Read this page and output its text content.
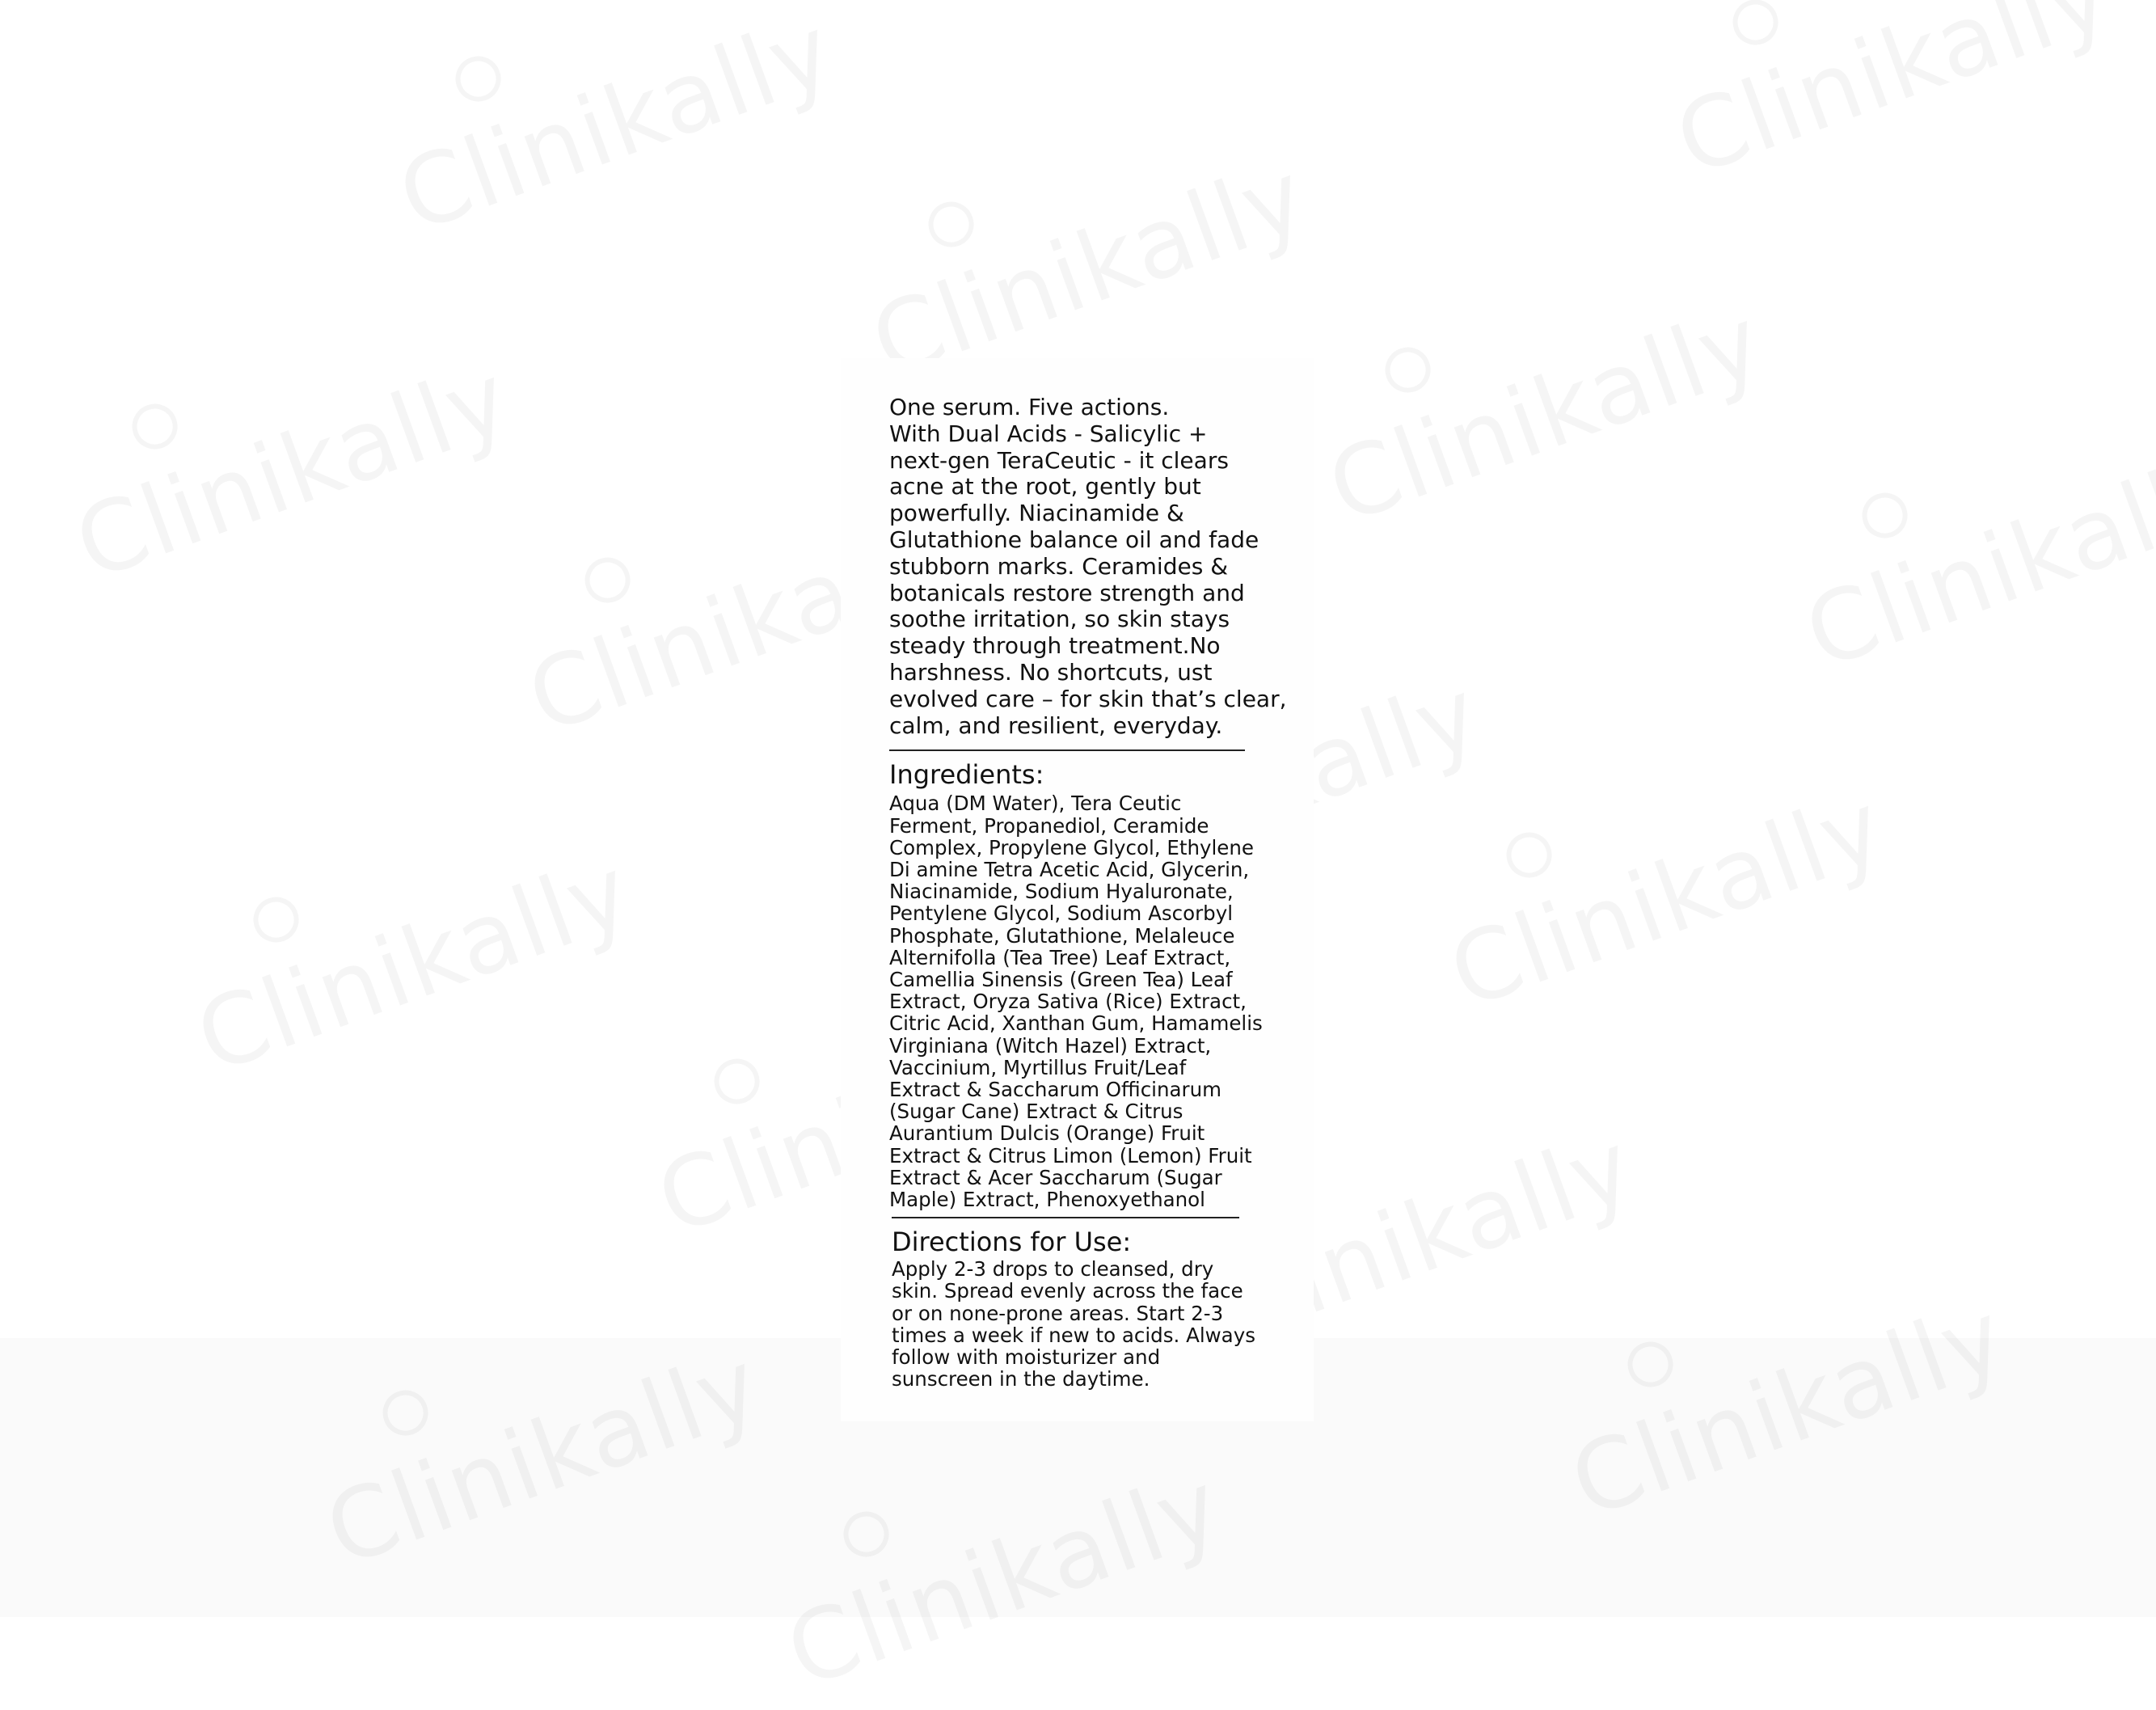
One serum. Five actions.
With Dual Acids - Salicylic +
next-gen TeraCeutic - it clears
acne at the root, gently but
powerfully. Niacinamide &
Glutathione balance oil and fade
stubborn marks. Ceramides &
botanicals restore strength and
soothe irritation, so skin stays
steady through treatment.No
harshness. No shortcuts, ust
evolved care – for skin that’s clear,
calm, and resilient, everyday.
Ingredients:
Aqua (DM Water), Tera Ceutic
Ferment, Propanediol, Ceramide
Complex, Propylene Glycol, Ethylene
Di amine Tetra Acetic Acid, Glycerin,
Niacinamide, Sodium Hyaluronate,
Pentylene Glycol, Sodium Ascorbyl
Phosphate, Glutathione, Melaleuce
Alternifolla (Tea Tree) Leaf Extract,
Camellia Sinensis (Green Tea) Leaf
Extract, Oryza Sativa (Rice) Extract,
Citric Acid, Xanthan Gum, Hamamelis
Virginiana (Witch Hazel) Extract,
Vaccinium, Myrtillus Fruit/Leaf
Extract & Saccharum Officinarum
(Sugar Cane) Extract & Citrus
Aurantium Dulcis (Orange) Fruit
Extract & Citrus Limon (Lemon) Fruit
Extract & Acer Saccharum (Sugar
Maple) Extract, Phenoxyethanol
Directions for Use:
Apply 2-3 drops to cleansed, dry
skin. Spread evenly across the face
or on none-prone areas. Start 2-3
times a week if new to acids. Always
follow with moisturizer and
sunscreen in the daytime.
